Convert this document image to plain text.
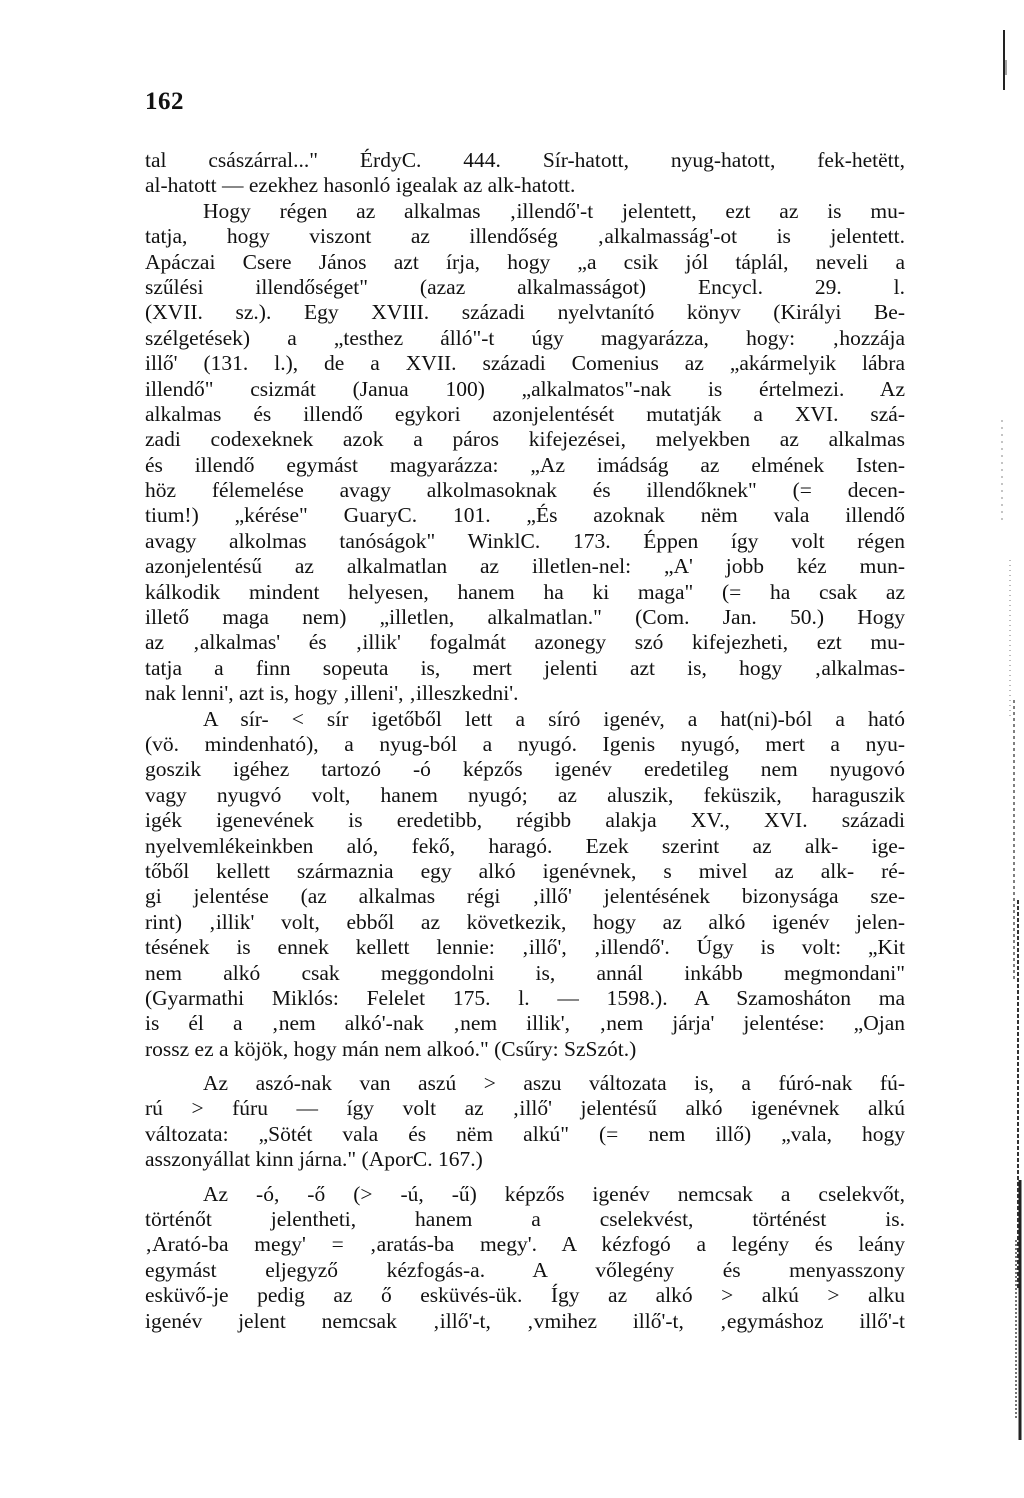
162
tal császárral..." ÉrdyC. 444. Sír-hatott, nyug-hatott, fek-hetëtt,
al-hatott — ezekhez hasonló igealak az alk-hatott.
Hogy régen az alkalmas ‚illendő'-t jelentett, ezt az is mu-
tatja, hogy viszont az illendőség ‚alkalmasság'-ot is jelentett.
Apáczai Csere János azt írja, hogy „a csik jól táplál, neveli a
szűlési illendőséget" (azaz alkalmasságot) Encycl. 29. l.
(XVII. sz.). Egy XVIII. századi nyelvtanító könyv (Királyi Be-
szélgetések) a „testhez álló"-t úgy magyarázza, hogy: ‚hozzája
illő' (131. l.), de a XVII. századi Comenius az „akármelyik lábra
illendő" csizmát (Janua 100) „alkalmatos"-nak is értelmezi. Az
alkalmas és illendő egykori azonjelentését mutatják a XVI. szá-
zadi codexeknek azok a páros kifejezései, melyekben az alkalmas
és illendő egymást magyarázza: „Az imádság az elmének Isten-
höz félemelése avagy alkolmasoknak és illendőknek" (= decen-
tium!) „kérése" GuaryC. 101. „És azoknak nëm vala illendő
avagy alkolmas tanóságok" WinklC. 173. Éppen így volt régen
azonjelentésű az alkalmatlan az illetlen-nel: „A' jobb kéz mun-
kálkodik mindent helyesen, hanem ha ki maga" (= ha csak az
illető maga nem) „illetlen, alkalmatlan." (Com. Jan. 50.) Hogy
az ‚alkalmas' és ‚illik' fogalmát azonegy szó kifejezheti, ezt mu-
tatja a finn sopeuta is, mert jelenti azt is, hogy ‚alkalmas-
nak lenni', azt is, hogy ‚illeni', ‚illeszkedni'.
A sír- < sír igetőből lett a síró igenév, a hat(ni)-ból a ható
(vö. mindenható), a nyug-ból a nyugó. Igenis nyugó, mert a nyu-
goszik igéhez tartozó -ó képzős igenév eredetileg nem nyugovó
vagy nyugvó volt, hanem nyugó; az aluszik, feküszik, haraguszik
igék igenevének is eredetibb, régibb alakja XV., XVI. századi
nyelvemlékeinkben aló, fekő, haragó. Ezek szerint az alk- ige-
tőből kellett származnia egy alkó igenévnek, s mivel az alk- ré-
gi jelentése (az alkalmas régi ‚illő' jelentésének bizonysága sze-
rint) ‚illik' volt, ebből az következik, hogy az alkó igenév jelen-
tésének is ennek kellett lennie: ‚illő', ‚illendő'. Úgy is volt: „Kit
nem alkó csak meggondolni is, annál inkább megmondani"
(Gyarmathi Miklós: Felelet 175. l. — 1598.). A Szamosháton ma
is él a ‚nem alkó'-nak ‚nem illik', ‚nem járja' jelentése: „Ojan
rossz ez a köjök, hogy mán nem alkoó." (Csűry: SzSzót.)
Az aszó-nak van aszú > aszu változata is, a fúró-nak fú-
rú > fúru — így volt az ‚illő' jelentésű alkó igenévnek alkú
változata: „Sötét vala és nëm alkú" (= nem illő) „vala, hogy
asszonyállat kinn járna." (AporC. 167.)
Az -ó, -ő (> -ú, -ű) képzős igenév nemcsak a cselekvőt,
történőt jelentheti, hanem a cselekvést, történést is.
‚Arató-ba megy' = ‚aratás-ba megy'. A kézfogó a legény és leány
egymást eljegyző kézfogás-a. A vőlegény és menyasszony
esküvő-je pedig az ő esküvés-ük. Így az alkó > alkú > alku
igenév jelent nemcsak ‚illő'-t, ‚vmihez illő'-t, ‚egymáshoz illő'-t
